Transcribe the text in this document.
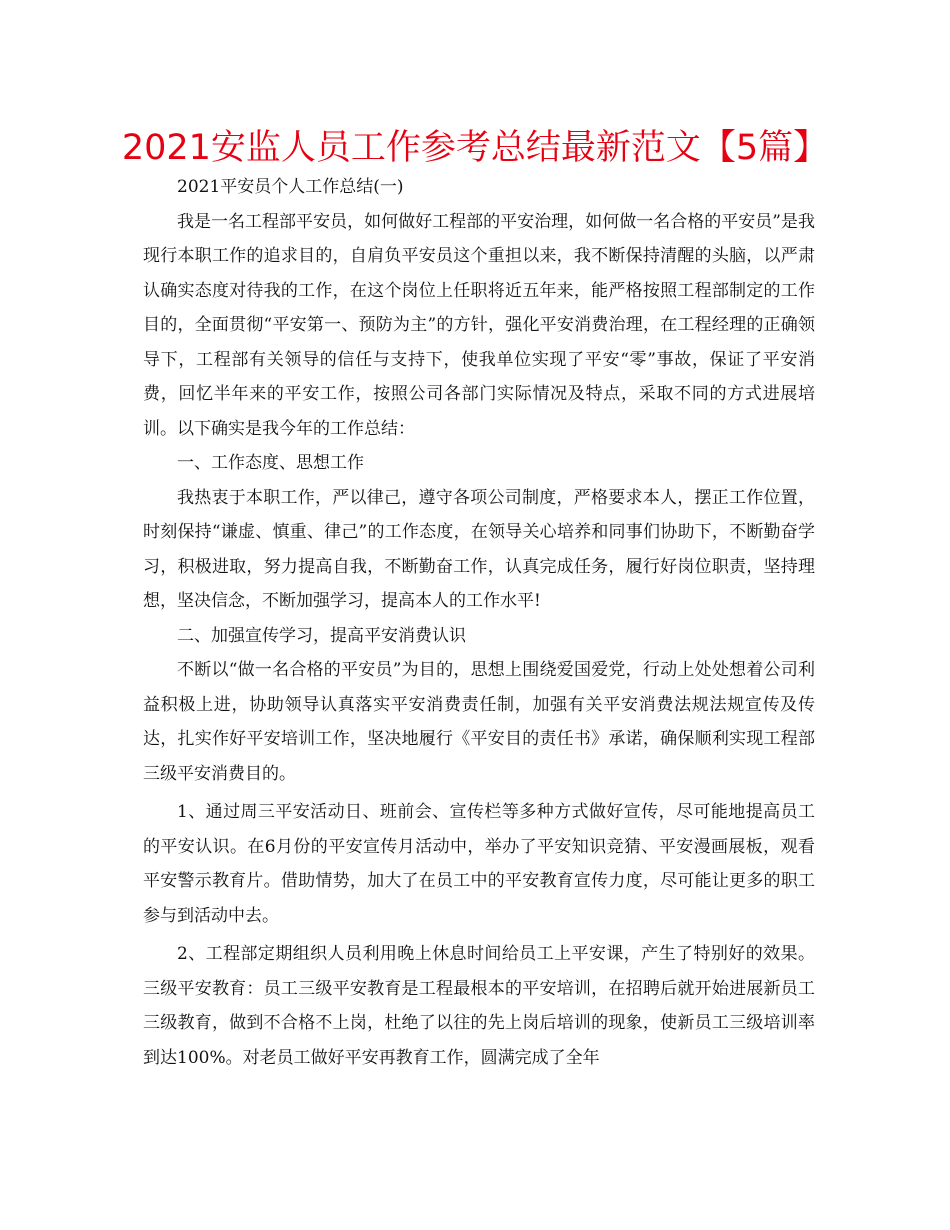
2021安监人员工作参考总结最新范文【5篇】

2021平安员个人工作总结(一)

我是一名工程部平安员，如何做好工程部的平安治理，如何做一名合格的平安员”是我现行本职工作的追求目的，自肩负平安员这个重担以来，我不断保持清醒的头脑，以严肃认确实态度对待我的工作，在这个岗位上任职将近五年来，能严格按照工程部制定的工作目的，全面贯彻“平安第一、预防为主”的方针，强化平安消费治理，在工程经理的正确领导下，工程部有关领导的信任与支持下，使我单位实现了平安“零”事故，保证了平安消费，回忆半年来的平安工作，按照公司各部门实际情况及特点，采取不同的方式进展培训。以下确实是我今年的工作总结：

一、工作态度、思想工作

我热衷于本职工作，严以律己，遵守各项公司制度，严格要求本人，摆正工作位置，时刻保持“谦虚、慎重、律己”的工作态度，在领导关心培养和同事们协助下，不断勤奋学习，积极进取，努力提高自我，不断勤奋工作，认真完成任务，履行好岗位职责，坚持理想，坚决信念，不断加强学习，提高本人的工作水平!

二、加强宣传学习，提高平安消费认识

不断以“做一名合格的平安员”为目的，思想上围绕爱国爱党，行动上处处想着公司利益积极上进，协助领导认真落实平安消费责任制，加强有关平安消费法规法规宣传及传达，扎实作好平安培训工作，坚决地履行《平安目的责任书》承诺，确保顺利实现工程部三级平安消费目的。

1、通过周三平安活动日、班前会、宣传栏等多种方式做好宣传，尽可能地提高员工的平安认识。在6月份的平安宣传月活动中，举办了平安知识竞猜、平安漫画展板，观看平安警示教育片。借助情势，加大了在员工中的平安教育宣传力度，尽可能让更多的职工参与到活动中去。

2、工程部定期组织人员利用晚上休息时间给员工上平安课，产生了特别好的效果。三级平安教育：员工三级平安教育是工程最根本的平安培训，在招聘后就开始进展新员工三级教育，做到不合格不上岗，杜绝了以往的先上岗后培训的现象，使新员工三级培训率到达100%。对老员工做好平安再教育工作，圆满完成了全年
